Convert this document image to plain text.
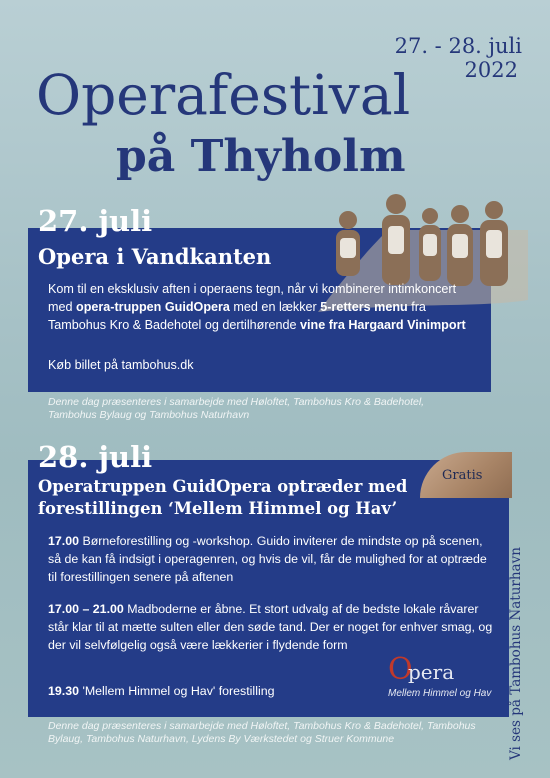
27. - 28. juli
2022
Operafestival
på Thyholm
27. juli
Opera i Vandkanten

Kom til en eksklusiv aften i operaens tegn, når vi kombinerer intimkoncert med opera-truppen GuidOpera med en lækker 5-retters menu fra Tambohus Kro & Badehotel og dertilhørende vine fra Hargaard Vinimport

Køb billet på tambohus.dk

Denne dag præsenteres i samarbejde med Høloftet, Tambohus Kro & Badehotel, Tambohus Bylaug og Tambohus Naturhavn

Gratis
28. juli

Operatruppen GuidOpera optræder med forestillingen ‘Mellem Himmel og Hav’

17.00 Børneforestilling og -workshop. Guido inviterer de mindste op på scenen, så de kan få indsigt i operagenren, og hvis de vil, får de mulighed for at optræde til forestillingen senere på aftenen

17.00 – 21.00 Madboderne er åbne. Et stort udvalg af de bedste lokale råvarer står klar til at mætte sulten eller den søde tand. Der er noget for enhver smag, og der vil selvfølgelig også være lækkerier i flydende form

19.30 'Mellem Himmel og Hav' forestilling

O
pera
Mellem Himmel og Hav

Denne dag præsenteres i samarbejde med Høloftet, Tambohus Kro & Badehotel, Tambohus Bylaug, Tambohus Naturhavn, Lydens By Værkstedet og Struer Kommune	Vi ses på Tambohus Naturhavn
